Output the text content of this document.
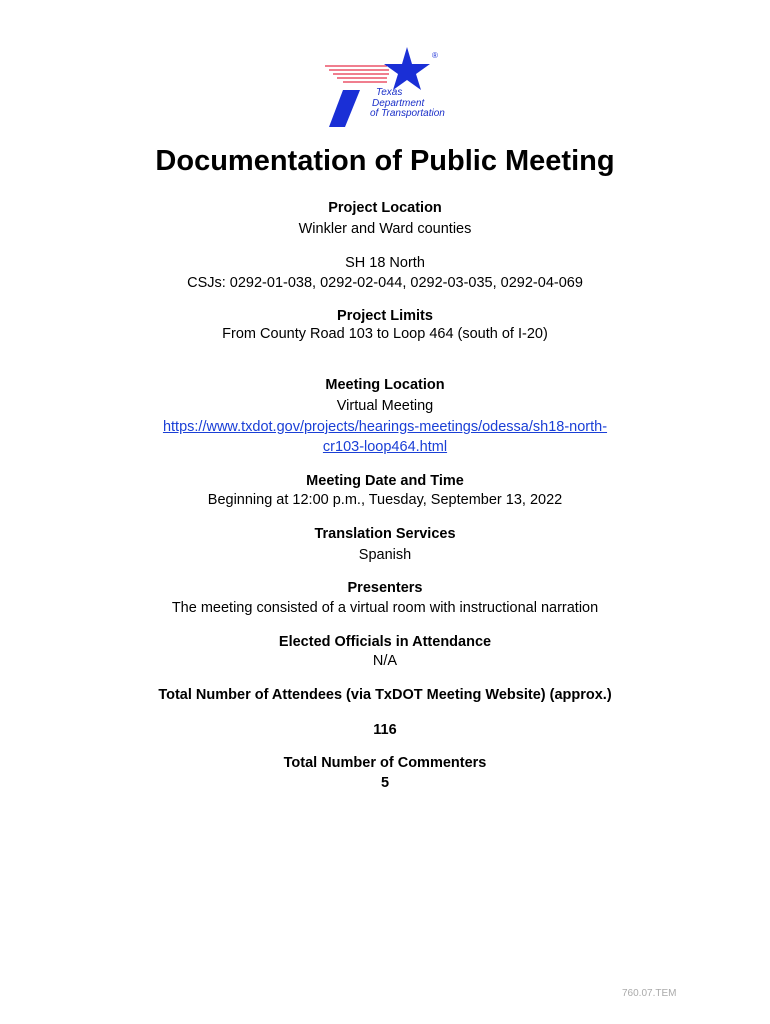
®
Texas
Department
of Transportation
Documentation of Public Meeting
Project Location
Winkler and Ward counties
SH 18 North
CSJs: 0292-01-038, 0292-02-044, 0292-03-035, 0292-04-069
Project Limits
From County Road 103 to Loop 464 (south of I-20)
Meeting Location
Virtual Meeting
https://www.txdot.gov/projects/hearings-meetings/odessa/sh18-north-
cr103-loop464.html
Meeting Date and Time
Beginning at 12:00 p.m., Tuesday, September 13, 2022
Translation Services
Spanish
Presenters
The meeting consisted of a virtual room with instructional narration
Elected Officials in Attendance
N/A
Total Number of Attendees (via TxDOT Meeting Website) (approx.)
116
Total Number of Commenters
5
760.07.TEM
